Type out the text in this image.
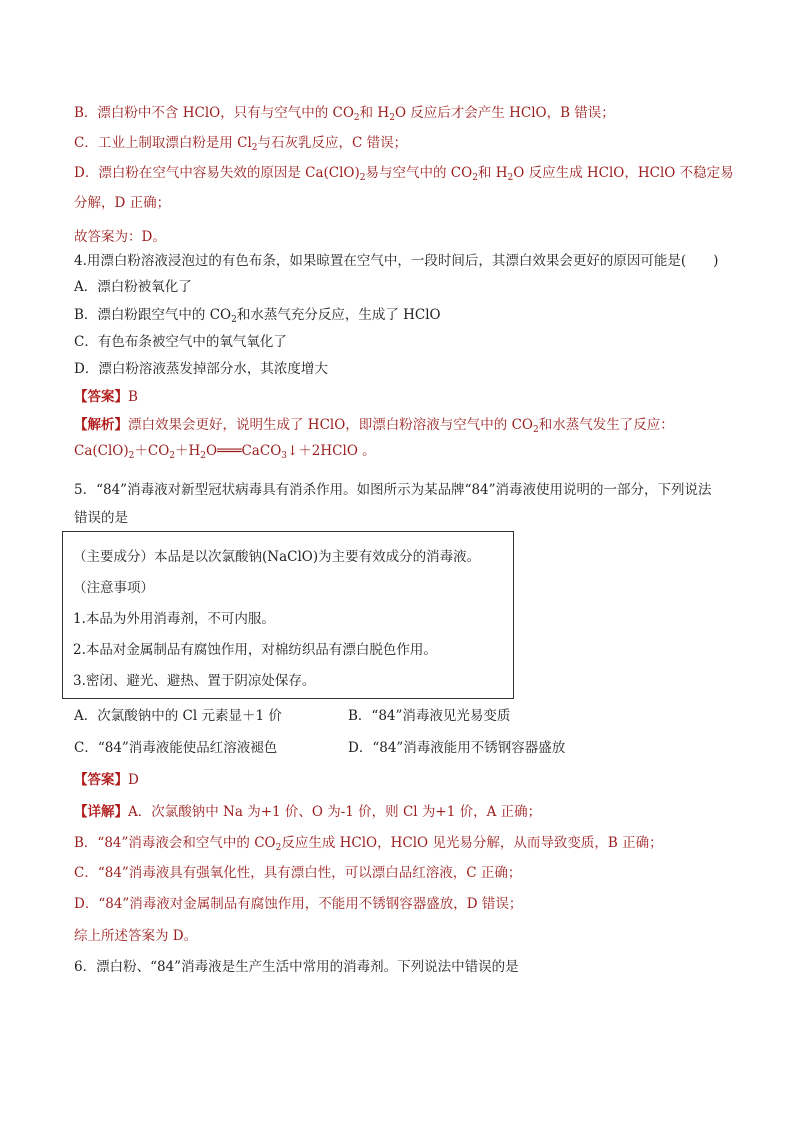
B．漂白粉中不含 HClO，只有与空气中的 $CO_2$和 $H_2O$ 反应后才会产生 HClO，B 错误；
C．工业上制取漂白粉是用 $Cl_2$与石灰乳反应，C 错误；
D．漂白粉在空气中容易失效的原因是 $Ca(ClO)_2$易与空气中的 $CO_2$和 $H_2O$ 反应生成 HClO，HClO 不稳定易
分解，D 正确；
故答案为：D。
4.用漂白粉溶液浸泡过的有色布条，如果晾置在空气中，一段时间后，其漂白效果会更好的原因可能是(　　)
A．漂白粉被氧化了
B．漂白粉跟空气中的 $CO_2$和水蒸气充分反应，生成了 HClO
C．有色布条被空气中的氧气氧化了
D．漂白粉溶液蒸发掉部分水，其浓度增大
【答案】B
【解析】漂白效果会更好，说明生成了 HClO，即漂白粉溶液与空气中的 $CO_2$和水蒸气发生了反应：
$Ca(ClO)_2+CO_2+H_2O═══CaCO_3↓+2HClO$ 。
5．“84”消毒液对新型冠状病毒具有消杀作用。如图所示为某品牌“84”消毒液使用说明的一部分，下列说法
错误的是
（主要成分）本品是以次氯酸钠(NaClO)为主要有效成分的消毒液。
（注意事项）
1.本品为外用消毒剂，不可内服。
2.本品对金属制品有腐蚀作用，对棉纺织品有漂白脱色作用。
3.密闭、避光、避热、置于阴凉处保存。
A．次氯酸钠中的 Cl 元素显＋1 价	B．“84”消毒液见光易变质
C．“84”消毒液能使品红溶液褪色	D．“84”消毒液能用不锈钢容器盛放
【答案】D
【详解】A．次氯酸钠中 Na 为+1 价、O 为-1 价，则 Cl 为+1 价，A 正确；
B．“84”消毒液会和空气中的 $CO_2$反应生成 HClO，HClO 见光易分解，从而导致变质，B 正确；
C．“84”消毒液具有强氧化性，具有漂白性，可以漂白品红溶液，C 正确；
D．“84”消毒液对金属制品有腐蚀作用，不能用不锈钢容器盛放，D 错误；
综上所述答案为 D。
6．漂白粉、“84”消毒液是生产生活中常用的消毒剂。下列说法中错误的是
